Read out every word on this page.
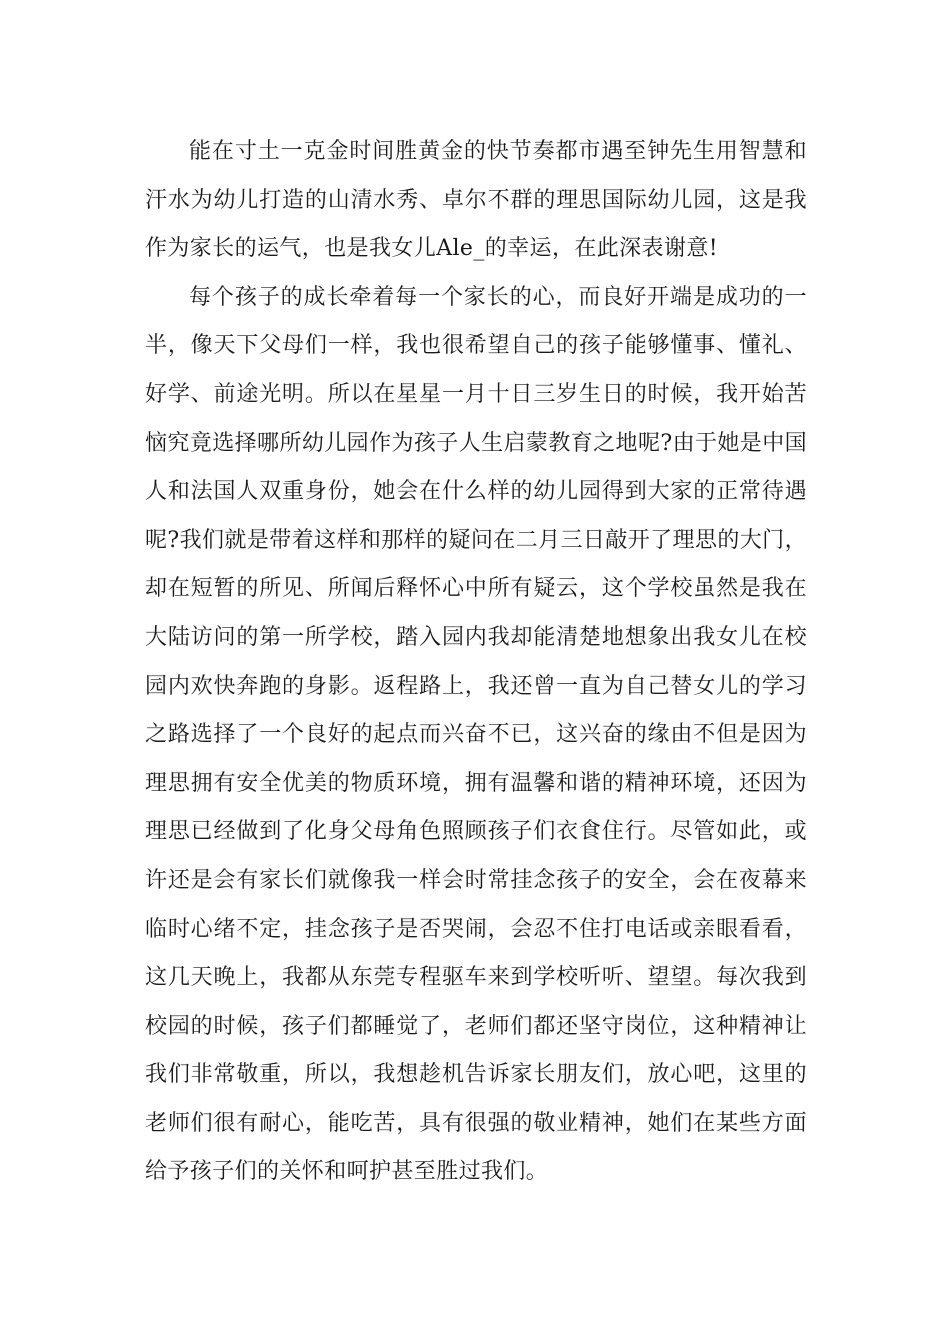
能在寸土一克金时间胜黄金的快节奏都市遇至钟先生用智慧和汗水为幼儿打造的山清水秀、卓尔不群的理思国际幼儿园，这是我作为家长的运气，也是我女儿Ale_的幸运，在此深表谢意!

每个孩子的成长牵着每一个家长的心，而良好开端是成功的一半，像天下父母们一样，我也很希望自己的孩子能够懂事、懂礼、好学、前途光明。所以在星星一月十日三岁生日的时候，我开始苦恼究竟选择哪所幼儿园作为孩子人生启蒙教育之地呢?由于她是中国人和法国人双重身份，她会在什么样的幼儿园得到大家的正常待遇呢?我们就是带着这样和那样的疑问在二月三日敲开了理思的大门，却在短暂的所见、所闻后释怀心中所有疑云，这个学校虽然是我在大陆访问的第一所学校，踏入园内我却能清楚地想象出我女儿在校园内欢快奔跑的身影。返程路上，我还曾一直为自己替女儿的学习之路选择了一个良好的起点而兴奋不已，这兴奋的缘由不但是因为理思拥有安全优美的物质环境，拥有温馨和谐的精神环境，还因为理思已经做到了化身父母角色照顾孩子们衣食住行。尽管如此，或许还是会有家长们就像我一样会时常挂念孩子的安全，会在夜幕来临时心绪不定，挂念孩子是否哭闹，会忍不住打电话或亲眼看看，这几天晚上，我都从东莞专程驱车来到学校听听、望望。每次我到校园的时候，孩子们都睡觉了，老师们都还坚守岗位，这种精神让我们非常敬重，所以，我想趁机告诉家长朋友们，放心吧，这里的老师们很有耐心，能吃苦，具有很强的敬业精神，她们在某些方面给予孩子们的关怀和呵护甚至胜过我们。
